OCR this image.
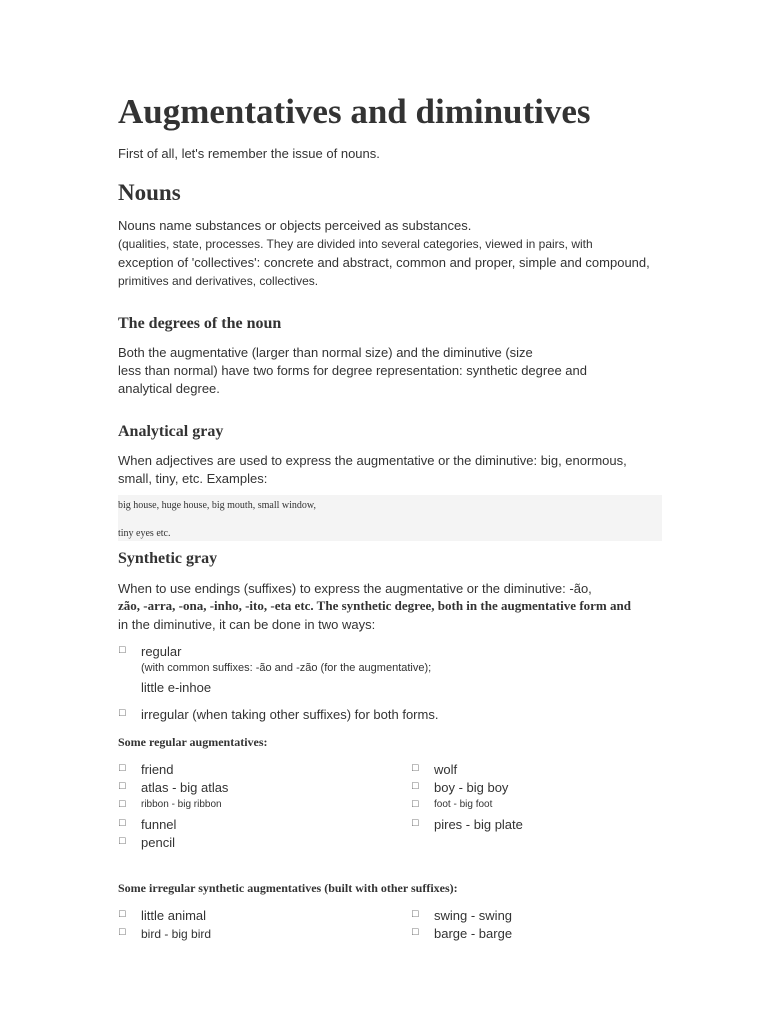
Augmentatives and diminutives
First of all, let's remember the issue of nouns.
Nouns
Nouns name substances or objects perceived as substances.
(qualities, state, processes. They are divided into several categories, viewed in pairs, with
exception of 'collectives': concrete and abstract, common and proper, simple and compound,
primitives and derivatives, collectives.
The degrees of the noun
Both the augmentative (larger than normal size) and the diminutive (size
less than normal) have two forms for degree representation: synthetic degree and
analytical degree.
Analytical gray
When adjectives are used to express the augmentative or the diminutive: big, enormous,
small, tiny, etc. Examples:
big house, huge house, big mouth, small window,
tiny eyes etc.
Synthetic gray
When to use endings (suffixes) to express the augmentative or the diminutive: -ão,
zão, -arra, -ona, -inho, -ito, -eta etc. The synthetic degree, both in the augmentative form and
in the diminutive, it can be done in two ways:
□ regular
(with common suffixes: -ão and -zão (for the augmentative);
little e-inhoe
□ irregular (when taking other suffixes) for both forms.
Some regular augmentatives:
□ friend
□ atlas - big atlas
□ ribbon - big ribbon
□ funnel
□ pencil
□ wolf
□ boy - big boy
□ foot - big foot
□ pires - big plate
Some irregular synthetic augmentatives (built with other suffixes):
□ little animal
□ bird - big bird
□ swing - swing
□ barge - barge
